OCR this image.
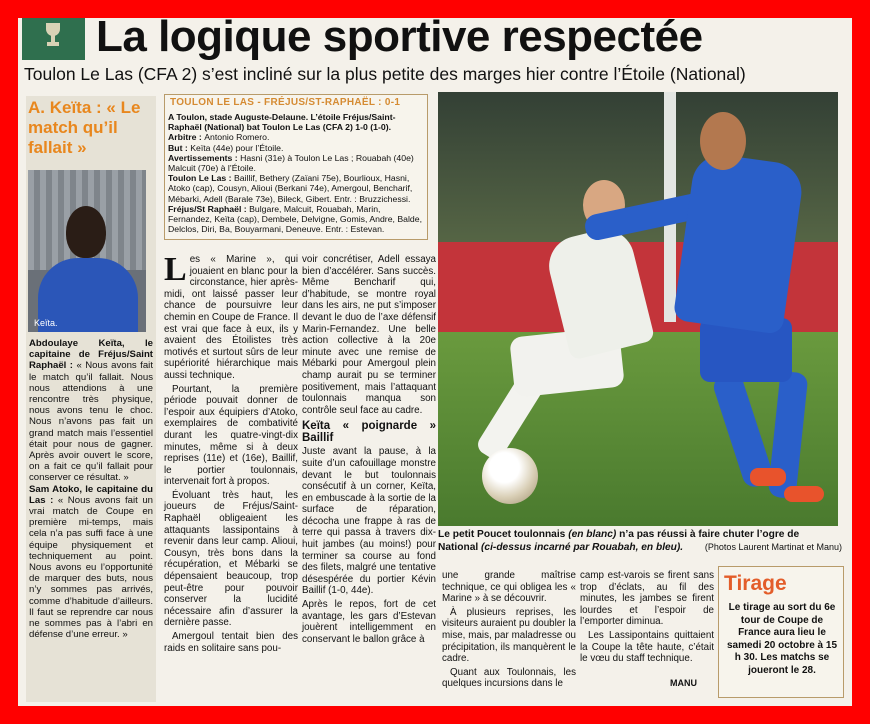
La logique sportive respectée
Toulon Le Las (CFA 2) s’est incliné sur la plus petite des marges hier contre l’Étoile (National)
A. Keïta : « Le match qu’il fallait »
Keïta.
Abdoulaye Keïta, le capitaine de Fréjus/Saint Raphaël : « Nous avons fait le match qu’il fallait. Nous nous attendions à une rencontre très physique, nous avons tenu le choc. Nous n’avons pas fait un grand match mais l’essentiel était pour nous de gagner. Après avoir ouvert le score, on a fait ce qu’il fallait pour conserver ce résultat. »
Sam Atoko, le capitaine du Las : « Nous avons fait un vrai match de Coupe en première mi-temps, mais cela n’a pas suffi face à une équipe physiquement et techniquement au point. Nous avons eu l’opportunité de marquer des buts, nous n’y sommes pas arrivés, comme d’habitude d’ailleurs. Il faut se reprendre car nous ne sommes pas à l’abri en défense d’une erreur. »
TOULON LE LAS - FRÉJUS/ST-RAPHAËL : 0-1
A Toulon, stade Auguste-Delaune. L’étoile Fréjus/Saint-Raphaël (National) bat Toulon Le Las (CFA 2) 1-0 (1-0).
Arbitre : Antonio Romero.
But : Keïta (44e) pour l’Étoile.
Avertissements : Hasni (31e) à Toulon Le Las ; Rouabah (40e) Malcuit (70e) à l’Étoile.
Toulon Le Las : Baillif, Bethery (Zaïani 75e), Bourlioux, Hasni, Atoko (cap), Cousyn, Alioui (Berkani 74e), Amergoul, Bencharif, Mébarki, Adell (Barale 73e), Bileck, Gibert. Entr. : Bruzzichessi.
Fréjus/St Raphaël : Bulgare, Malcuit, Rouabah, Marin, Fernandez, Keïta (cap), Dembele, Delvigne, Gomis, Andre, Balde, Delclos, Diri, Ba, Bouyarmani, Deneuve. Entr. : Estevan.
L es « Marine », qui jouaient en blanc pour la circonstance, hier après-midi, ont laissé passer leur chance de poursuivre leur chemin en Coupe de France. Il est vrai que face à eux, ils y avaient des Étoilistes très motivés et surtout sûrs de leur supériorité hiérarchique mais aussi technique.
Pourtant, la première période pouvait donner de l’espoir aux équipiers d’Atoko, exemplaires de combativité durant les quatre-vingt-dix minutes, même si à deux reprises (11e) et (16e), Baillif, le portier toulonnais, intervenait fort à propos.
Évoluant très haut, les joueurs de Fréjus/Saint-Raphaël obligeaient les attaquants lassipontains à revenir dans leur camp. Alioui, Cousyn, très bons dans la récupération, et Mébarki se dépensaient beaucoup, trop peut-être pour pouvoir conserver la lucidité nécessaire afin d’assurer la dernière passe.
Amergoul tentait bien des raids en solitaire sans pou-
voir concrétiser, Adell essaya bien d’accélérer. Sans succès. Même Bencharif qui, d’habitude, se montre royal dans les airs, ne put s’imposer devant le duo de l’axe défensif Marin-Fernandez. Une belle action collective à la 20e minute avec une remise de Mébarki pour Amergoul plein champ aurait pu se terminer positivement, mais l’attaquant toulonnais manqua son contrôle seul face au cadre.
Keïta « poignarde » Baillif
Juste avant la pause, à la suite d’un cafouillage monstre devant le but toulonnais consécutif à un corner, Keïta, en embuscade à la sortie de la surface de réparation, décocha une frappe à ras de terre qui passa à travers dix-huit jambes (au moins!) pour terminer sa course au fond des filets, malgré une tentative désespérée du portier Kévin Baillif (1-0, 44e).
Après le repos, fort de cet avantage, les gars d’Estevan jouèrent intelligemment en conservant le ballon grâce à
une grande maîtrise technique, ce qui obligea les « Marine » à se découvrir.
À plusieurs reprises, les visiteurs auraient pu doubler la mise, mais, par maladresse ou précipitation, ils manquèrent le cadre.
Quant aux Toulonnais, les quelques incursions dans le
camp est-varois se firent sans trop d’éclats, au fil des minutes, les jambes se firent lourdes et l’espoir de l’emporter diminua.
Les Lassipontains quittaient la Coupe la tête haute, c’était le vœu du staff technique.
Le petit Poucet toulonnais (en blanc) n’a pas réussi à faire chuter l’ogre de National (ci-dessus incarné par Rouabah, en bleu). (Photos Laurent Martinat et Manu)
Tirage
Le tirage au sort du 6e tour de Coupe de France aura lieu le samedi 20 octobre à 15 h 30. Les matchs se joueront le 28.
MANU
